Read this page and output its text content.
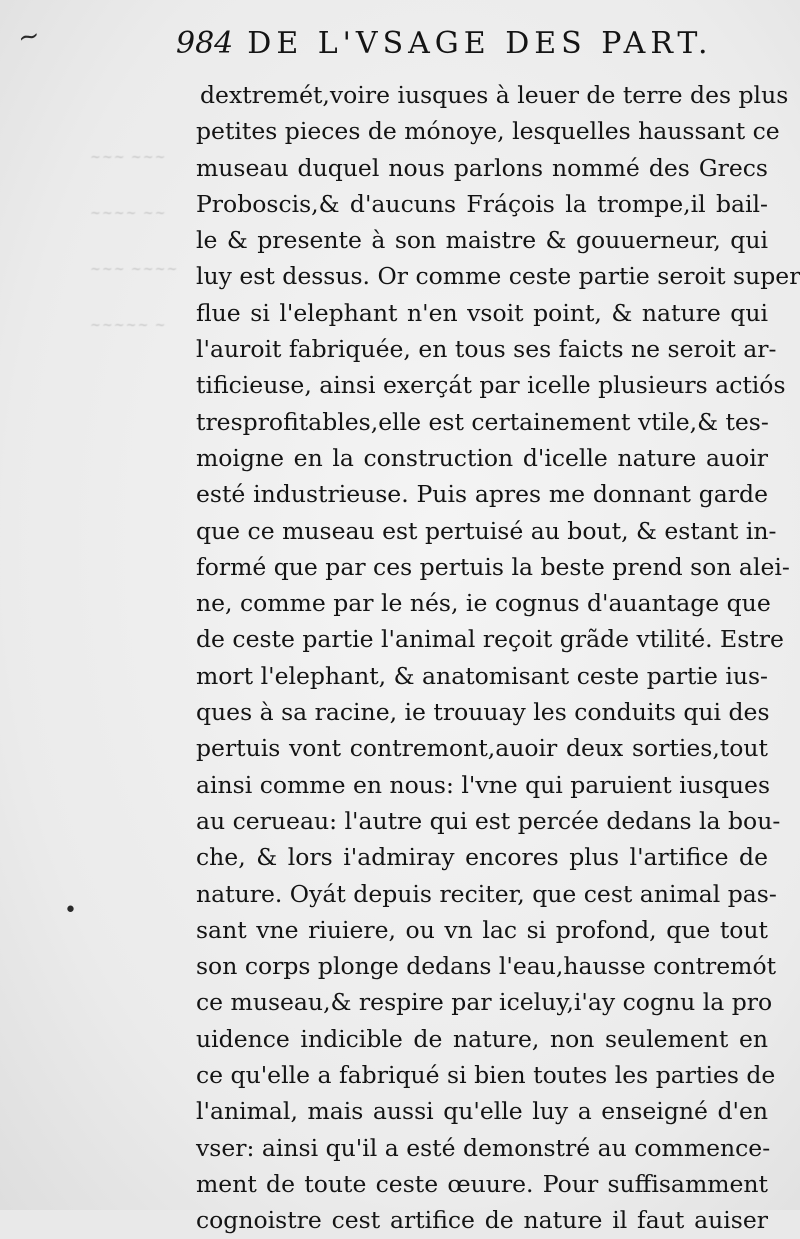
~
•
~~~ ~~~
~~~~ ~~
~~~ ~~~~
~~~~~ ~
984 DE L'VSAGE DES PART.
dextremét,voire iusques à leuer de terre des plus
petites pieces de mónoye, lesquelles haussant ce
museau duquel nous parlons nommé des Grecs
Proboscis,& d'aucuns Fráçois la trompe,il bail-
le & presente à son maistre & gouuerneur, qui
luy est dessus. Or comme ceste partie seroit super
flue si l'elephant n'en vsoit point, & nature qui
l'auroit fabriquée, en tous ses faicts ne seroit ar-
tificieuse, ainsi exerçát par icelle plusieurs actiós
tresprofitables,elle est certainement vtile,& tes-
moigne en la construction d'icelle nature auoir
esté industrieuse. Puis apres me donnant garde
que ce museau est pertuisé au bout, & estant in-
formé que par ces pertuis la beste prend son alei-
ne, comme par le nés, ie cognus d'auantage que
de ceste partie l'animal reçoit grãde vtilité. Estre
mort l'elephant, & anatomisant ceste partie ius-
ques à sa racine, ie trouuay les conduits qui des
pertuis vont contremont,auoir deux sorties,tout
ainsi comme en nous: l'vne qui paruient iusques
au cerueau: l'autre qui est percée dedans la bou-
che, & lors i'admiray encores plus l'artifice de
nature. Oyát depuis reciter, que cest animal pas-
sant vne riuiere, ou vn lac si profond, que tout
son corps plonge dedans l'eau,hausse contremót
ce museau,& respire par iceluy,i'ay cognu la pro
uidence indicible de nature, non seulement en
ce qu'elle a fabriqué si bien toutes les parties de
l'animal, mais aussi qu'elle luy a enseigné d'en
vser: ainsi qu'il a esté demonstré au commence-
ment de toute ceste œuure. Pour suffisamment
cognoistre cest artifice de nature il faut auiser
